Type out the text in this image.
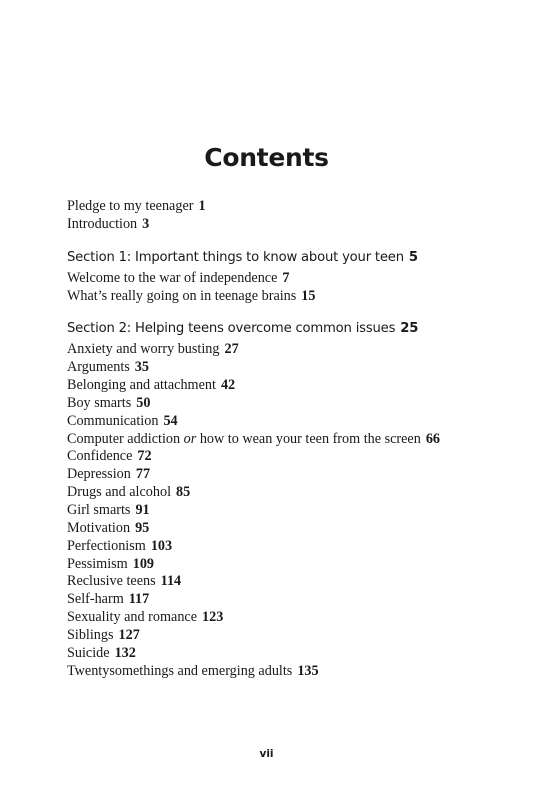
Contents
Pledge to my teenager 1
Introduction 3
Section 1: Important things to know about your teen 5
Welcome to the war of independence 7
What’s really going on in teenage brains 15
Section 2: Helping teens overcome common issues 25
Anxiety and worry busting 27
Arguments 35
Belonging and attachment 42
Boy smarts 50
Communication 54
Computer addiction or how to wean your teen from the screen 66
Confidence 72
Depression 77
Drugs and alcohol 85
Girl smarts 91
Motivation 95
Perfectionism 103
Pessimism 109
Reclusive teens 114
Self-harm 117
Sexuality and romance 123
Siblings 127
Suicide 132
Twentysomethings and emerging adults 135
vii
